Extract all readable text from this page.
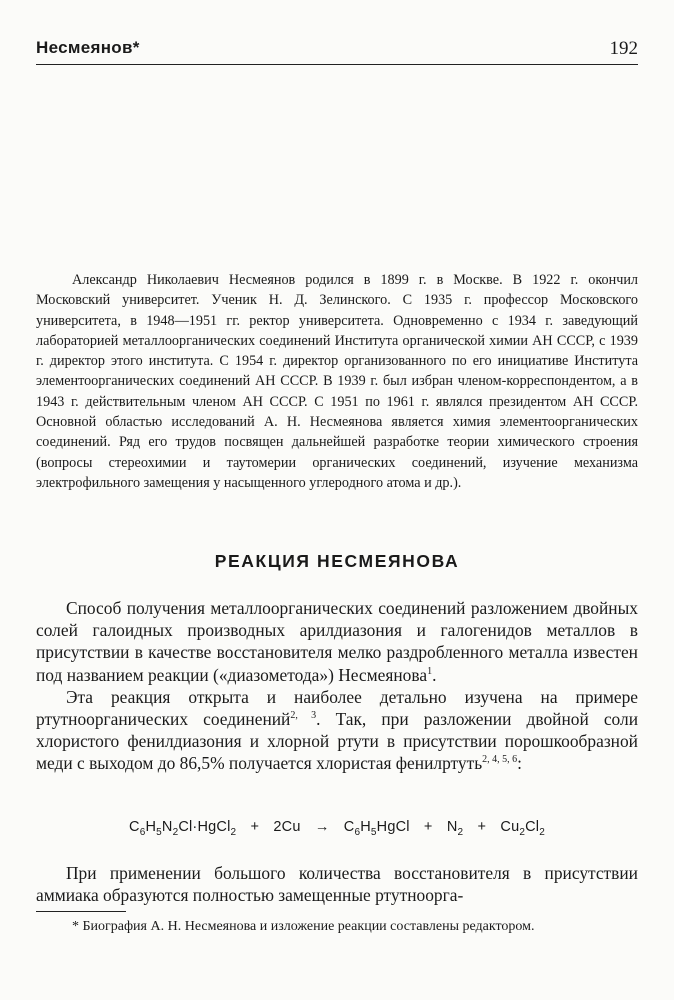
Несмеянов*	192

Александр Николаевич Несмеянов родился в 1899 г. в Москве. В 1922 г. окончил Московский университет. Ученик Н. Д. Зелинского. С 1935 г. профессор Московского университета, в 1948—1951 гг. ректор университета. Одновременно с 1934 г. заведующий лабораторией металлоорганических соединений Института органической химии АН СССР, с 1939 г. директор этого института. С 1954 г. директор организованного по его инициативе Института элементоорганических соединений АН СССР. В 1939 г. был избран членом-корреспондентом, а в 1943 г. действительным членом АН СССР. С 1951 по 1961 г. являлся президентом АН СССР. Основной областью исследований А. Н. Несмеянова является химия элементоорганических соединений. Ряд его трудов посвящен дальнейшей разработке теории химического строения (вопросы стереохимии и таутомерии органических соединений, изучение механизма электрофильного замещения у насыщенного углеродного атома и др.).

РЕАКЦИЯ НЕСМЕЯНОВА

Способ получения металлоорганических соединений разложением двойных солей галоидных производных арилдиазония и галогенидов металлов в присутствии в качестве восстановителя мелко раздробленного металла известен под названием реакции («диазометода») Несмеянова$^1$.

Эта реакция открыта и наиболее детально изучена на примере ртутноорганических соединений$^{2, 3}$. Так, при разложении двойной соли хлористого фенилдиазония и хлорной ртути в присутствии порошкообразной меди с выходом до 86,5% получается хлористая фенилртуть$^{2, 4, 5, 6}$:

$C_6H_5N_2Cl\cdot HgCl_2 + 2Cu$ → $C_6H_5HgCl + N_2 + Cu_2Cl_2$

При применении большого количества восстановителя в присутствии аммиака образуются полностью замещенные ртутноорга-

* Биография А. Н. Несмеянова и изложение реакции составлены редактором.
